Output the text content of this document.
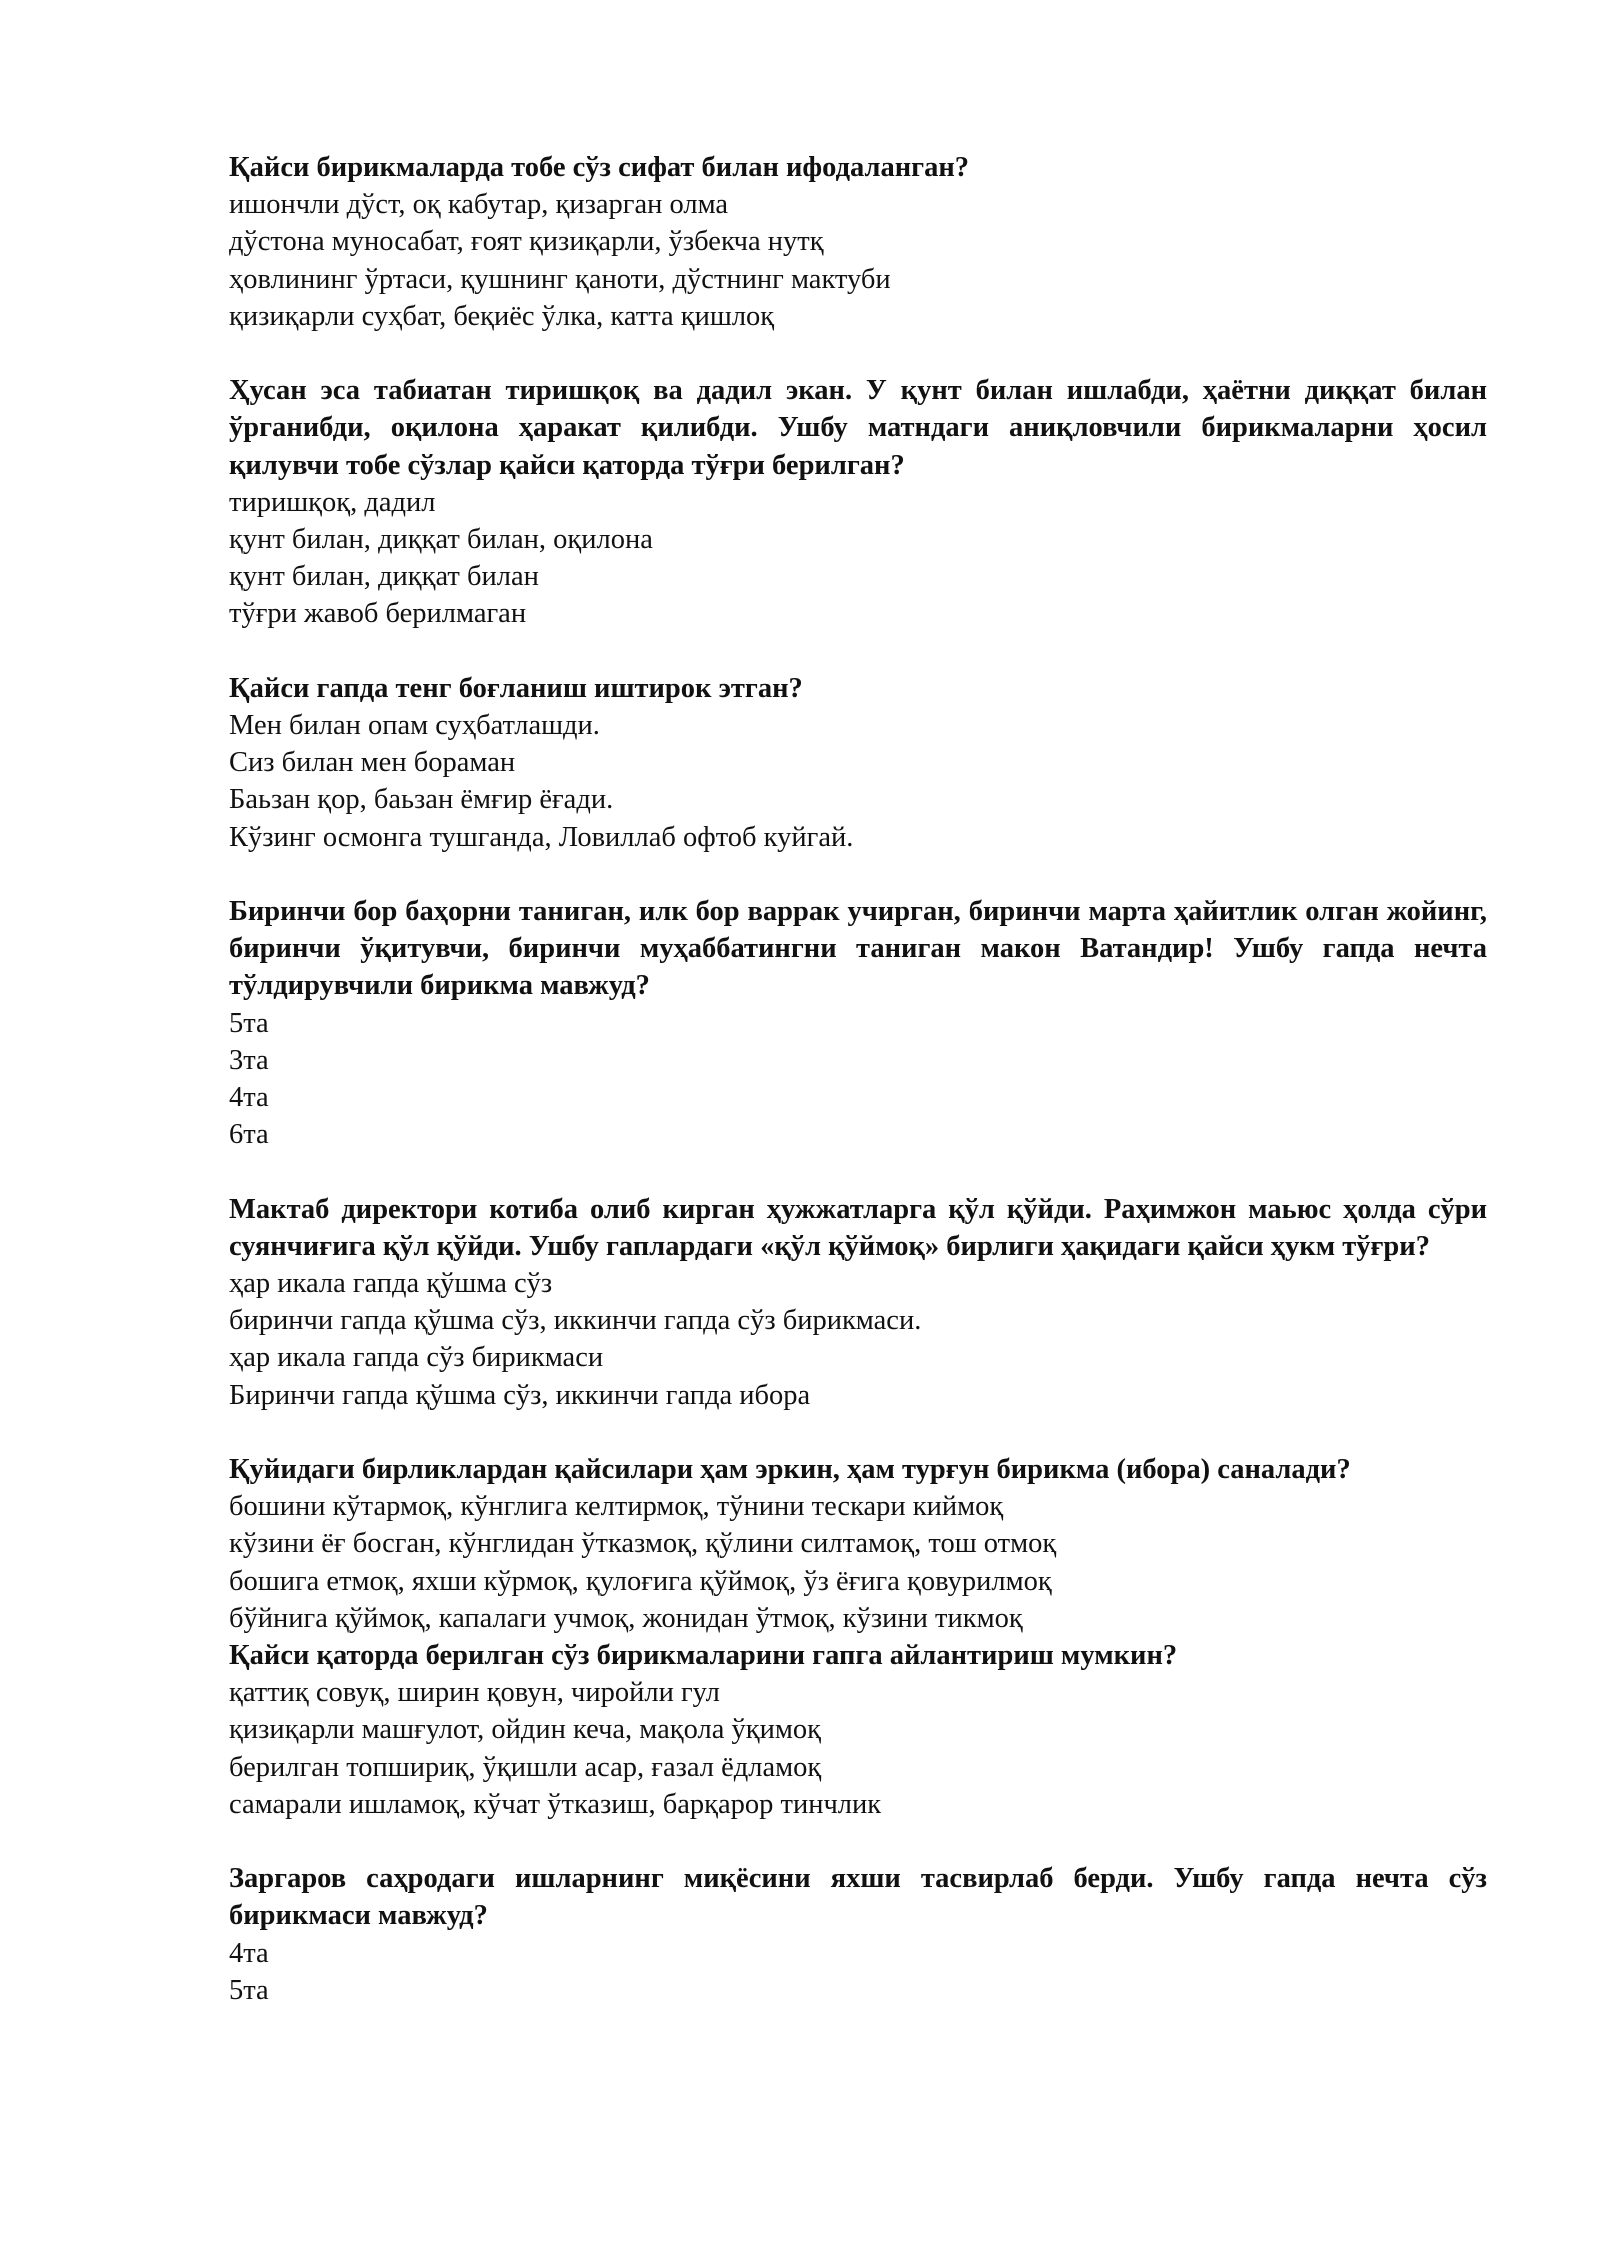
Қайси бирикмаларда тобе сўз сифат билан ифодаланган?

ишончли дўст, оқ кабутар, қизарган олма

дўстона муносабат, ғоят қизиқарли, ўзбекча нутқ

ҳовлининг ўртаси, қушнинг қаноти, дўстнинг мактуби

қизиқарли суҳбат, беқиёс ўлка, катта қишлоқ

Ҳусан эса табиатан тиришқоқ ва дадил экан. У қунт билан ишлабди, ҳаётни диққат билан ўрганибди, оқилона ҳаракат қилибди. Ушбу матндаги аниқловчили бирикмаларни ҳосил қилувчи тобе сўзлар қайси қаторда тўғри берилган?

тиришқоқ, дадил

қунт билан, диққат билан, оқилона

қунт билан, диққат билан

тўғри жавоб берилмаган

Қайси гапда тенг боғланиш иштирок этган?

Мен билан опам суҳбатлашди.

Сиз билан мен бораман

Баьзан қор, баьзан ёмғир ёғади.

Кўзинг осмонга тушганда, Ловиллаб офтоб куйгай.

Биринчи бор баҳорни таниган, илк бор варрак учирган, биринчи марта ҳайитлик олган жойинг, биринчи ўқитувчи, биринчи муҳаббатингни таниган макон Ватандир! Ушбу гапда нечта тўлдирувчили бирикма мавжуд?

5та

3та

4та

6та

Мактаб директори котиба олиб кирган ҳужжатларга қўл қўйди. Раҳимжон маьюс ҳолда сўри суянчиғига қўл қўйди. Ушбу гаплардаги «қўл қўймоқ» бирлиги ҳақидаги қайси ҳукм тўғри?

ҳар икала гапда қўшма сўз

биринчи гапда қўшма сўз, иккинчи гапда сўз бирикмаси.

ҳар икала гапда сўз бирикмаси

Биринчи гапда қўшма сўз, иккинчи гапда ибора

Қуйидаги бирликлардан қайсилари ҳам эркин, ҳам турғун бирикма (ибора) саналади?

бошини кўтармоқ, кўнглига келтирмоқ, тўнини тескари киймоқ

кўзини ёғ босган, кўнглидан ўтказмоқ, қўлини силтамоқ, тош отмоқ

бошига етмоқ, яхши кўрмоқ, қулоғига қўймоқ, ўз ёғига қовурилмоқ

бўйнига қўймоқ, капалаги учмоқ, жонидан ўтмоқ, кўзини тикмоқ

Қайси қаторда берилган сўз бирикмаларини гапга айлантириш мумкин?

қаттиқ совуқ, ширин қовун, чиройли гул

қизиқарли машғулот, ойдин кеча, мақола ўқимоқ

берилган топшириқ, ўқишли асар, ғазал ёдламоқ

самарали ишламоқ, кўчат ўтказиш, барқарор тинчлик

Заргаров саҳродаги ишларнинг миқёсини яхши тасвирлаб берди. Ушбу гапда нечта сўз бирикмаси мавжуд?

4та

5та
